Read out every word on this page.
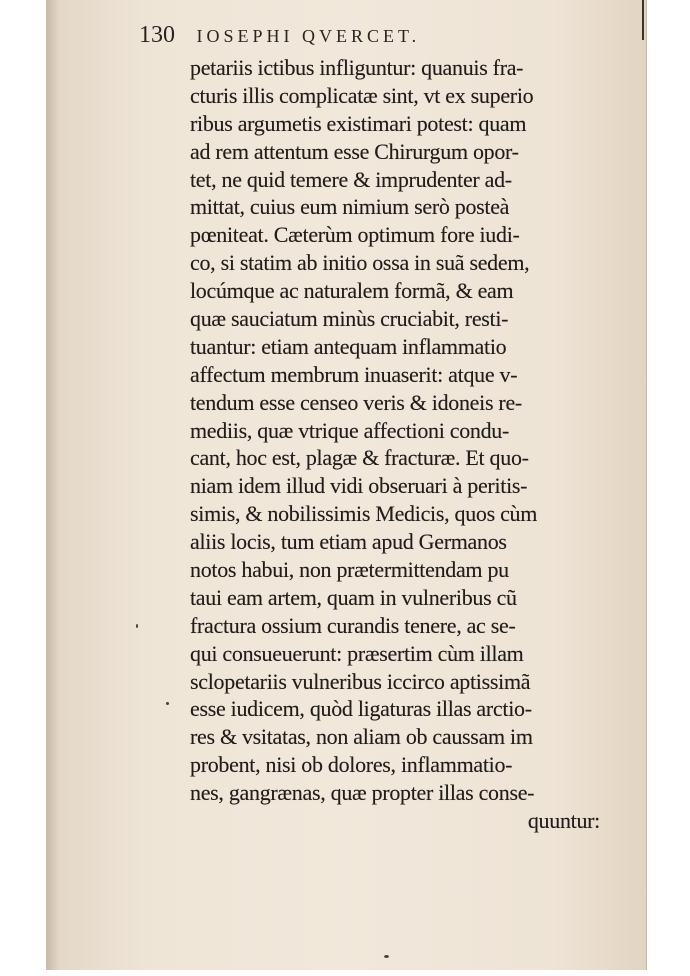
130 IOSEPHI QVERCET.
petariis ictibus infliguntur: quanuis fra-
cturis illis complicatæ sint, vt ex superio
ribus argumetis existimari potest: quam
ad rem attentum esse Chirurgum opor-
tet, ne quid temere & imprudenter ad-
mittat, cuius eum nimium serò posteà
pœniteat. Cæterùm optimum fore iudi-
co, si statim ab initio ossa in suã sedem,
locúmque ac naturalem formã, & eam
quæ sauciatum minùs cruciabit, resti-
tuantur: etiam antequam inflammatio
affectum membrum inuaserit: atque v-
tendum esse censeo veris & idoneis re-
mediis, quæ vtrique affectioni condu-
cant, hoc est, plagæ & fracturæ. Et quo-
niam idem illud vidi obseruari à peritis-
simis, & nobilissimis Medicis, quos cùm
aliis locis, tum etiam apud Germanos
notos habui, non prætermittendam pu
taui eam artem, quam in vulneribus cũ
fractura ossium curandis tenere, ac se-
qui consueuerunt: præsertim cùm illam
sclopetariis vulneribus iccirco aptissimã
esse iudicem, quòd ligaturas illas arctio-
res & vsitatas, non aliam ob caussam im
probent, nisi ob dolores, inflammatio-
nes, gangrænas, quæ propter illas conse-
quuntur:
